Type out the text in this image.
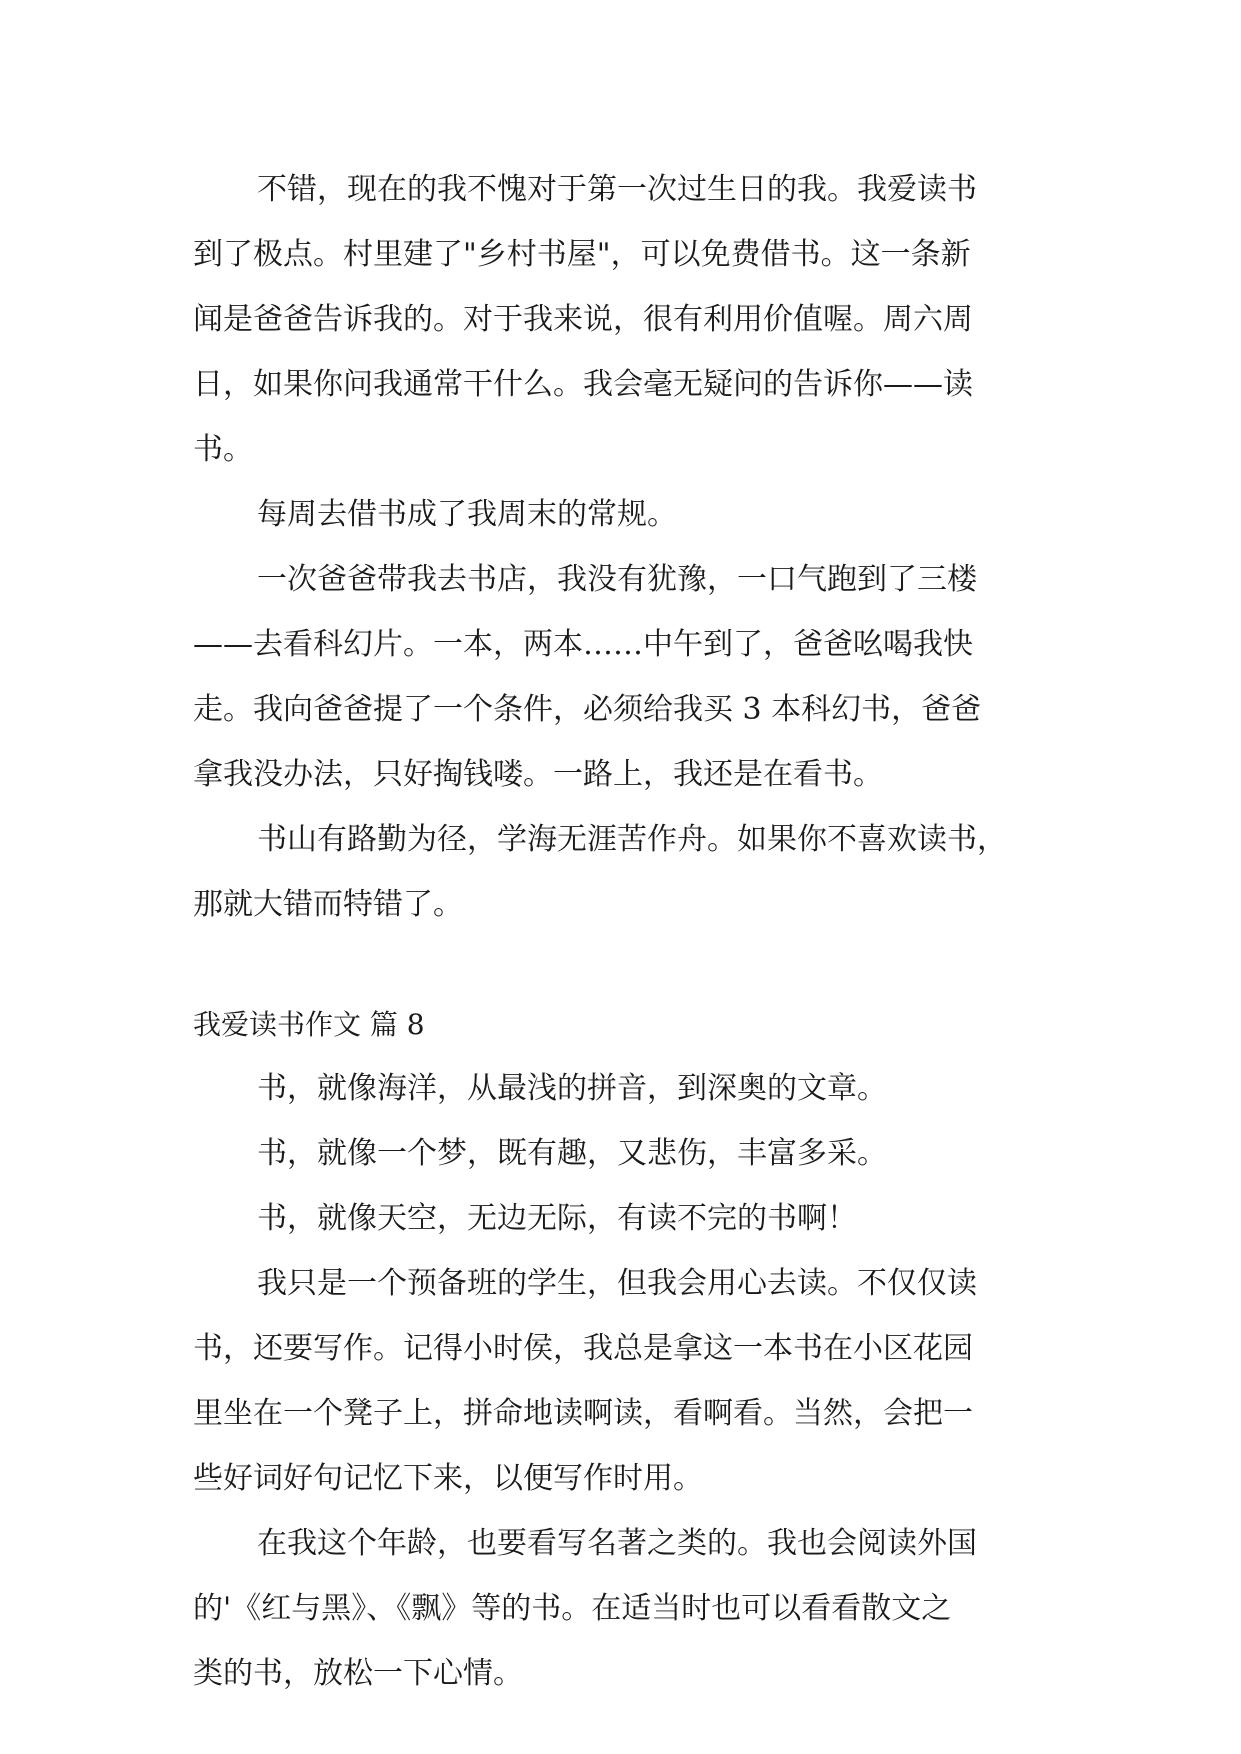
不错，现在的我不愧对于第一次过生日的我。我爱读书
到了极点。村里建了"乡村书屋"，可以免费借书。这一条新
闻是爸爸告诉我的。对于我来说，很有利用价值喔。周六周
日，如果你问我通常干什么。我会毫无疑问的告诉你——读
书。
每周去借书成了我周末的常规。
一次爸爸带我去书店，我没有犹豫，一口气跑到了三楼
——去看科幻片。一本，两本……中午到了，爸爸吆喝我快
走。我向爸爸提了一个条件，必须给我买 3 本科幻书，爸爸
拿我没办法，只好掏钱喽。一路上，我还是在看书。
书山有路勤为径，学海无涯苦作舟。如果你不喜欢读书，
那就大错而特错了。
我爱读书作文 篇 8
书，就像海洋，从最浅的拼音，到深奥的文章。
书，就像一个梦，既有趣，又悲伤，丰富多采。
书，就像天空，无边无际，有读不完的书啊！
我只是一个预备班的学生，但我会用心去读。不仅仅读
书，还要写作。记得小时侯，我总是拿这一本书在小区花园
里坐在一个凳子上，拼命地读啊读，看啊看。当然，会把一
些好词好句记忆下来，以便写作时用。
在我这个年龄，也要看写名著之类的。我也会阅读外国
的'《红与黑》、《飘》等的书。在适当时也可以看看散文之
类的书，放松一下心情。
